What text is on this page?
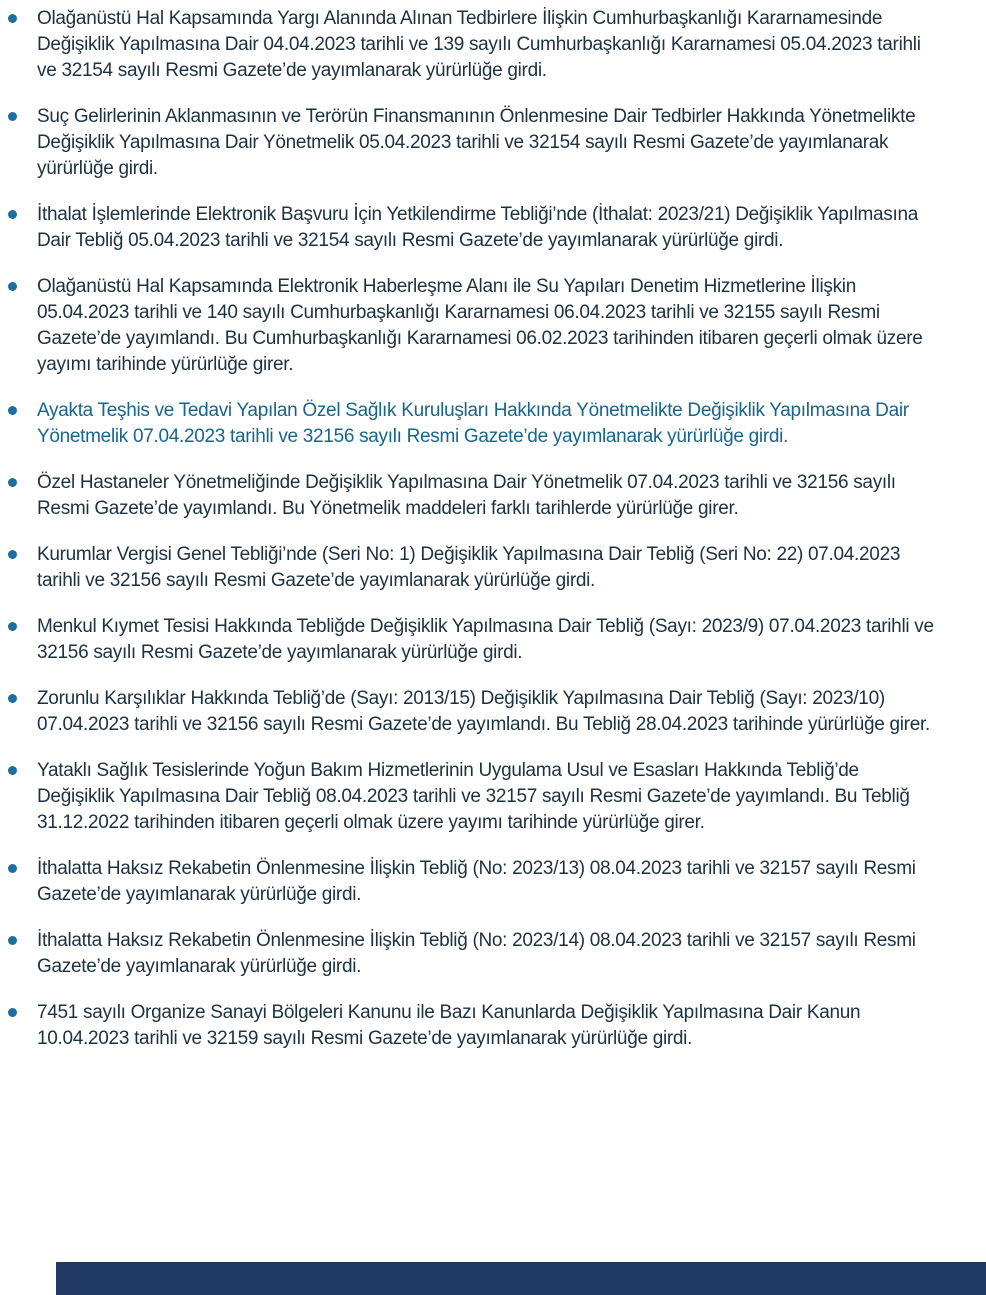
Olağanüstü Hal Kapsamında Yargı Alanında Alınan Tedbirlere İlişkin Cumhurbaşkanlığı Kararnamesinde Değişiklik Yapılmasına Dair 04.04.2023 tarihli ve 139 sayılı Cumhurbaşkanlığı Kararnamesi 05.04.2023 tarihli ve 32154 sayılı Resmi Gazete’de yayımlanarak yürürlüğe girdi.
Suç Gelirlerinin Aklanmasının ve Terörün Finansmanının Önlenmesine Dair Tedbirler Hakkında Yönetmelikte Değişiklik Yapılmasına Dair Yönetmelik 05.04.2023 tarihli ve 32154 sayılı Resmi Gazete’de yayımlanarak yürürlüğe girdi.
İthalat İşlemlerinde Elektronik Başvuru İçin Yetkilendirme Tebliği’nde (İthalat: 2023/21) Değişiklik Yapılmasına Dair Tebliğ 05.04.2023 tarihli ve 32154 sayılı Resmi Gazete’de yayımlanarak yürürlüğe girdi.
Olağanüstü Hal Kapsamında Elektronik Haberleşme Alanı ile Su Yapıları Denetim Hizmetlerine İlişkin 05.04.2023 tarihli ve 140 sayılı Cumhurbaşkanlığı Kararnamesi 06.04.2023 tarihli ve 32155 sayılı Resmi Gazete’de yayımlandı. Bu Cumhurbaşkanlığı Kararnamesi 06.02.2023 tarihinden itibaren geçerli olmak üzere yayımı tarihinde yürürlüğe girer.
Ayakta Teşhis ve Tedavi Yapılan Özel Sağlık Kuruluşları Hakkında Yönetmelikte Değişiklik Yapılmasına Dair Yönetmelik 07.04.2023 tarihli ve 32156 sayılı Resmi Gazete’de yayımlanarak yürürlüğe girdi.
Özel Hastaneler Yönetmeliğinde Değişiklik Yapılmasına Dair Yönetmelik 07.04.2023 tarihli ve 32156 sayılı Resmi Gazete’de yayımlandı. Bu Yönetmelik maddeleri farklı tarihlerde yürürlüğe girer.
Kurumlar Vergisi Genel Tebliği’nde (Seri No: 1) Değişiklik Yapılmasına Dair Tebliğ (Seri No: 22) 07.04.2023 tarihli ve 32156 sayılı Resmi Gazete’de yayımlanarak yürürlüğe girdi.
Menkul Kıymet Tesisi Hakkında Tebliğde Değişiklik Yapılmasına Dair Tebliğ (Sayı: 2023/9) 07.04.2023 tarihli ve 32156 sayılı Resmi Gazete’de yayımlanarak yürürlüğe girdi.
Zorunlu Karşılıklar Hakkında Tebliğ’de (Sayı: 2013/15) Değişiklik Yapılmasına Dair Tebliğ (Sayı: 2023/10) 07.04.2023 tarihli ve 32156 sayılı Resmi Gazete’de yayımlandı. Bu Tebliğ 28.04.2023 tarihinde yürürlüğe girer.
Yataklı Sağlık Tesislerinde Yoğun Bakım Hizmetlerinin Uygulama Usul ve Esasları Hakkında Tebliğ’de Değişiklik Yapılmasına Dair Tebliğ 08.04.2023 tarihli ve 32157 sayılı Resmi Gazete’de yayımlandı. Bu Tebliğ 31.12.2022 tarihinden itibaren geçerli olmak üzere yayımı tarihinde yürürlüğe girer.
İthalatta Haksız Rekabetin Önlenmesine İlişkin Tebliğ (No: 2023/13) 08.04.2023 tarihli ve 32157 sayılı Resmi Gazete’de yayımlanarak yürürlüğe girdi.
İthalatta Haksız Rekabetin Önlenmesine İlişkin Tebliğ (No: 2023/14) 08.04.2023 tarihli ve 32157 sayılı Resmi Gazete’de yayımlanarak yürürlüğe girdi.
7451 sayılı Organize Sanayi Bölgeleri Kanunu ile Bazı Kanunlarda Değişiklik Yapılmasına Dair Kanun 10.04.2023 tarihli ve 32159 sayılı Resmi Gazete’de yayımlanarak yürürlüğe girdi.
